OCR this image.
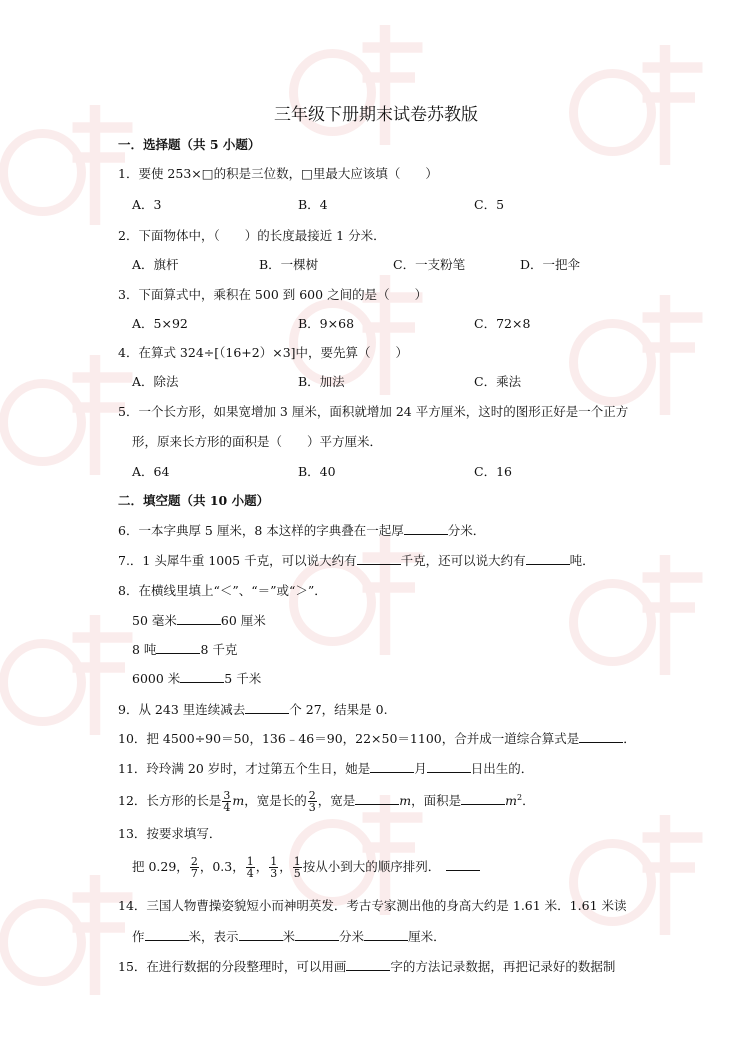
三年级下册期末试卷苏教版
一．选择题（共 5 小题）
1．要使 253×□的积是三位数，□里最大应该填（　　）
A．3	B．4	C．5
2．下面物体中，（　　）的长度最接近 1 分米．
A．旗杆	B．一棵树	C．一支粉笔	D．一把伞
3．下面算式中，乘积在 500 到 600 之间的是（　　）
A．5×92	B．9×68	C．72×8
4．在算式 324÷[（16+2）×3]中，要先算（　　）
A．除法	B．加法	C．乘法
5．一个长方形，如果宽增加 3 厘米，面积就增加 24 平方厘米，这时的图形正好是一个正方
形，原来长方形的面积是（　　）平方厘米．
A．64	B．40	C．16
二．填空题（共 10 小题）
6．一本字典厚 5 厘米，8 本这样的字典叠在一起厚	分米．
7.．1 头犀牛重 1005 千克，可以说大约有	千克，还可以说大约有	吨．
8．在横线里填上“＜”、“＝”或“＞”．
50 毫米	60 厘米
8 吨	8 千克
6000 米	5 千米
9．从 243 里连续减去	个 27，结果是 0.
10．把 4500÷90＝50，136﹣46＝90，22×50＝1100，合并成一道综合算式是	．
11．玲玲满 20 岁时，才过第五个生日，她是	月	日出生的．
12．长方形的长是 $\frac{3}{4}$ m，宽是长的 $\frac{2}{3}$ ，宽是	m，面积是	$m^2$．
13．按要求填写．
把 0.29， $\frac{2}{7}$ ，0.3， $\frac{1}{4}$ ， $\frac{1}{3}$ ， $\frac{1}{5}$ 按从小到大的顺序排列．
14．三国人物曹操姿貌短小而神明英发．考古专家测出他的身高大约是 1.61 米．1.61 米读
作	米，表示	米	分米	厘米．
15．在进行数据的分段整理时，可以用画	字的方法记录数据，再把记录好的数据制
